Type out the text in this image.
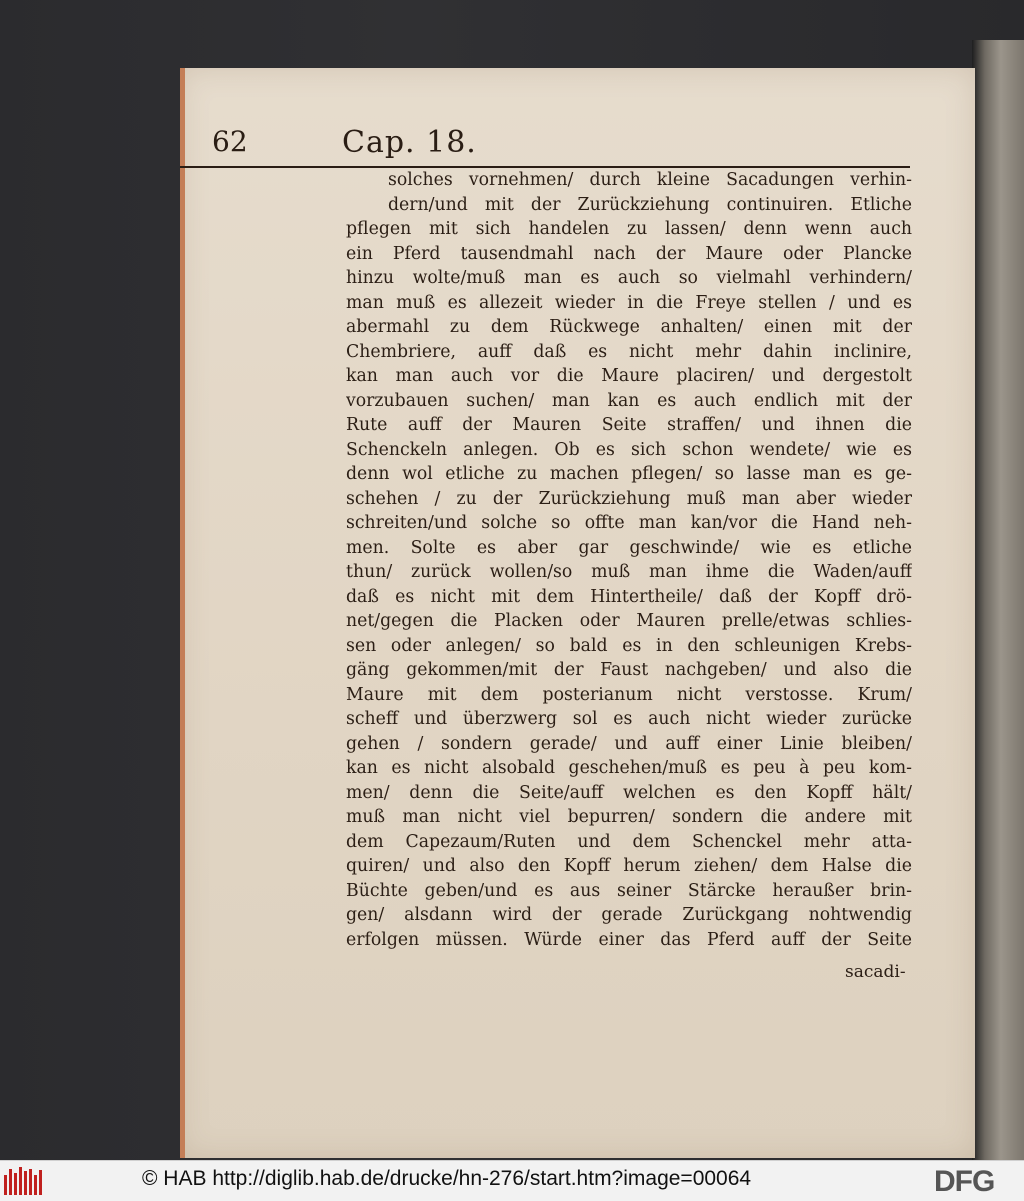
62	Cap. 18.
solches vornehmen/ durch kleine Sacadungen verhin-
dern/und mit der Zurückziehung continuiren. Etliche
pflegen mit sich handelen zu lassen/ denn wenn auch
ein Pferd tausendmahl nach der Maure oder Plancke
hinzu wolte/muß man es auch so vielmahl verhindern/
man muß es allezeit wieder in die Freye stellen / und es
abermahl zu dem Rückwege anhalten/ einen mit der
Chembriere, auff daß es nicht mehr dahin inclinire,
kan man auch vor die Maure placiren/ und dergestolt
vorzubauen suchen/ man kan es auch endlich mit der
Rute auff der Mauren Seite straffen/ und ihnen die
Schenckeln anlegen. Ob es sich schon wendete/ wie es
denn wol etliche zu machen pflegen/ so lasse man es ge-
schehen / zu der Zurückziehung muß man aber wieder
schreiten/und solche so offte man kan/vor die Hand neh-
men. Solte es aber gar geschwinde/ wie es etliche
thun/ zurück wollen/so muß man ihme die Waden/auff
daß es nicht mit dem Hintertheile/ daß der Kopff drö-
net/gegen die Placken oder Mauren prelle/etwas schlies-
sen oder anlegen/ so bald es in den schleunigen Krebs-
gäng gekommen/mit der Faust nachgeben/ und also die
Maure mit dem posterianum nicht verstosse. Krum/
scheff und überzwerg sol es auch nicht wieder zurücke
gehen / sondern gerade/ und auff einer Linie bleiben/
kan es nicht alsobald geschehen/muß es peu à peu kom-
men/ denn die Seite/auff welchen es den Kopff hält/
muß man nicht viel bepurren/ sondern die andere mit
dem Capezaum/Ruten und dem Schenckel mehr atta-
quiren/ und also den Kopff herum ziehen/ dem Halse die
Büchte geben/und es aus seiner Stärcke heraußer brin-
gen/ alsdann wird der gerade Zurückgang nohtwendig
erfolgen müssen. Würde einer das Pferd auff der Seite
sacadi-
© HAB http://diglib.hab.de/drucke/hn-276/start.htm?image=00064	DFG
